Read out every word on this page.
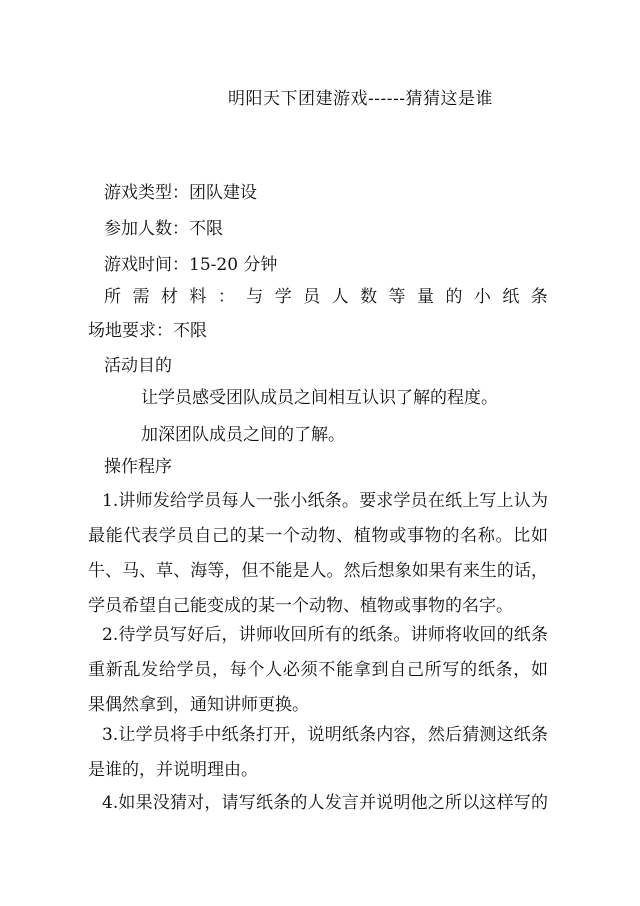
明阳天下团建游戏------猜猜这是谁
游戏类型：团队建设
参加人数：不限
游戏时间：15-20 分钟
所 需 材 料 ： 与 学 员 人 数 等 量 的 小 纸 条
场地要求：不限
活动目的
让学员感受团队成员之间相互认识了解的程度。
加深团队成员之间的了解。
操作程序
1.讲师发给学员每人一张小纸条。要求学员在纸上写上认为
最能代表学员自己的某一个动物、植物或事物的名称。比如
牛、马、草、海等，但不能是人。然后想象如果有来生的话，
学员希望自己能变成的某一个动物、植物或事物的名字。
2.待学员写好后，讲师收回所有的纸条。讲师将收回的纸条
重新乱发给学员，每个人必须不能拿到自己所写的纸条，如
果偶然拿到，通知讲师更换。
3.让学员将手中纸条打开，说明纸条内容，然后猜测这纸条
是谁的，并说明理由。
4.如果没猜对，请写纸条的人发言并说明他之所以这样写的
